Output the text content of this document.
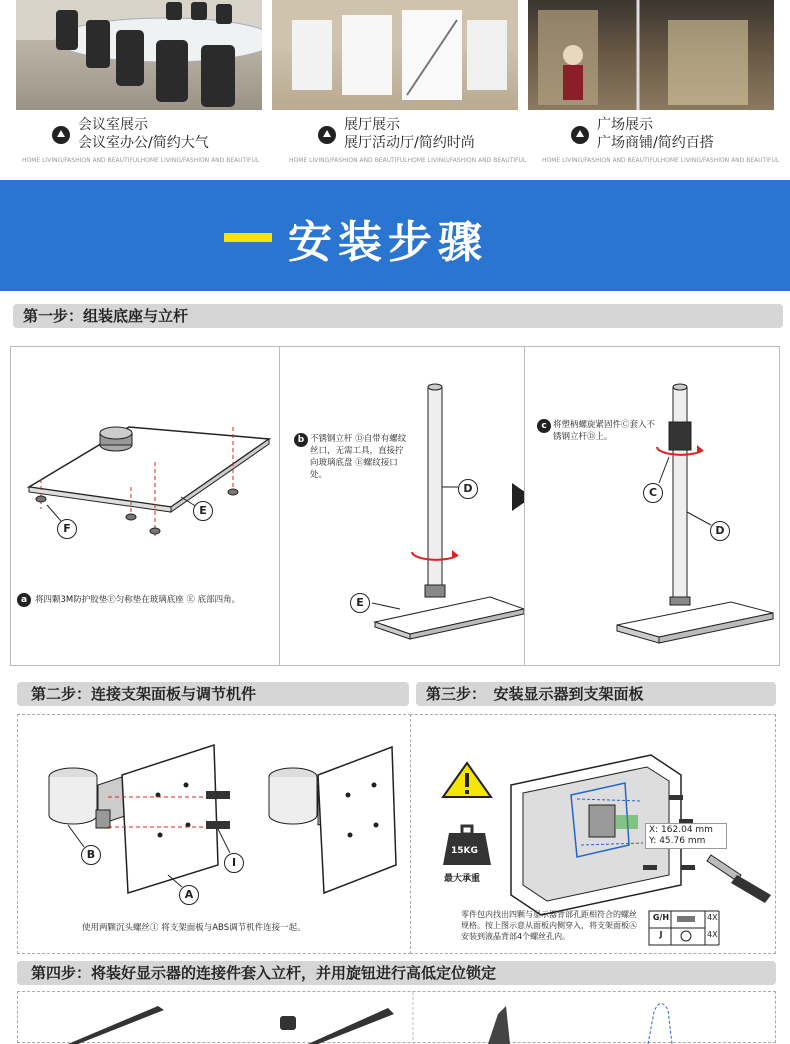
会议室展示
会议室办公/简约大气
展厅展示
展厅活动厅/简约时尚
广场展示
广场商铺/简约百搭
HOME LIVING/FASHION AND BEAUTIFULHOME LIVING/FASHION AND BEAUTIFUL	HOME LIVING/FASHION AND BEAUTIFULHOME LIVING/FASHION AND BEAUTIFUL	HOME LIVING/FASHION AND BEAUTIFULHOME LIVING/FASHION AND BEAUTIFUL
安装步骤
第一步：组装底座与立杆
F
E
a 将四颗3M防护胶垫Ⓕ匀称垫在玻璃底座 Ⓔ 底部四角。
b 不锈钢立杆 Ⓓ自带有螺纹丝口，无需工具，直接拧向玻璃底盘 Ⓔ螺纹接口处。
D
E
c 将塑柄螺旋紧固件Ⓒ套入不锈钢立杆Ⓓ上。
C
D
第二步：连接支架面板与调节机件
B
A
I
使用两颗沉头螺丝Ⓘ 将支架面板与ABS调节机件连接一起。
第三步：　安装显示器到支架面板
15KG
最大承重
X: 162.04 mm
Y: 45.76 mm
零件包内找出四颗与显示器背部孔距相符合的螺丝规格。按上图示意从面板内侧穿入，将支架面板Ⓐ安装到液晶背部4个螺丝孔内。
G/H	4X
J	4X
第四步：将装好显示器的连接件套入立杆，并用旋钮进行高低定位锁定
